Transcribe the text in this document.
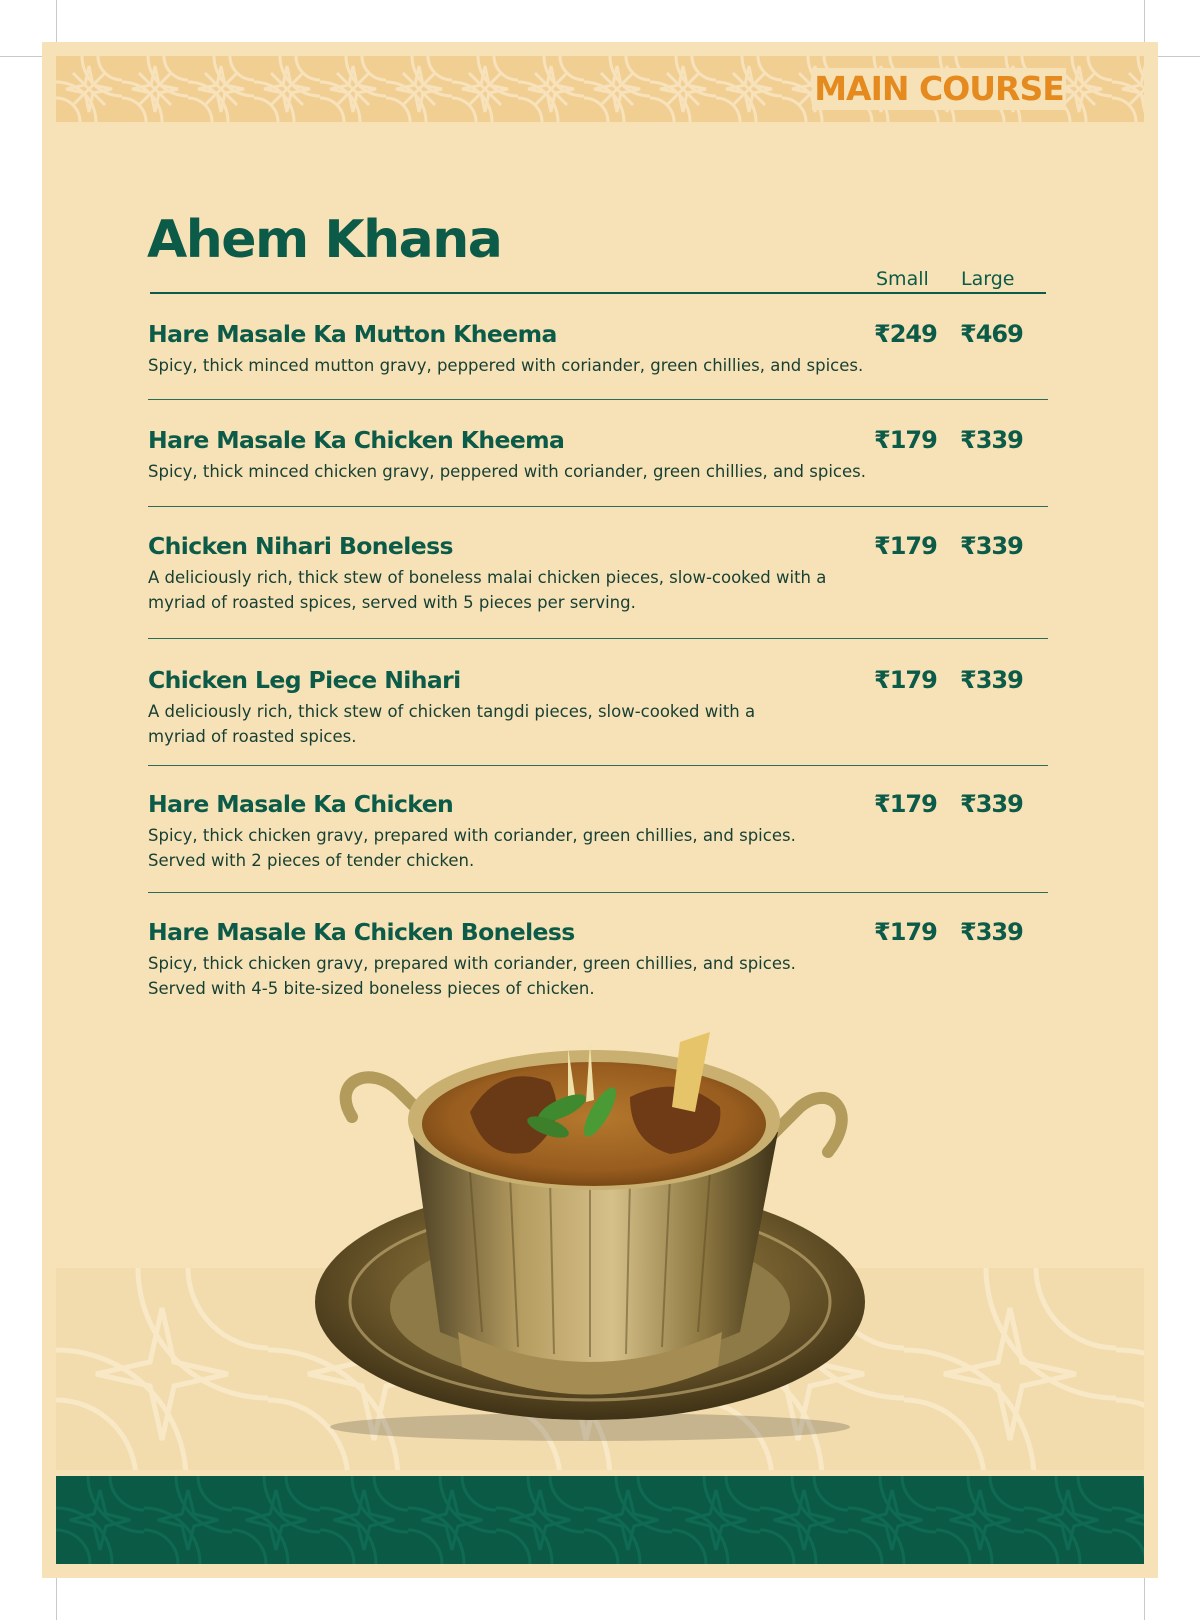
MAIN COURSE
Ahem Khana
Small Large
Hare Masale Ka Mutton Kheema
Spicy, thick minced mutton gravy, peppered with coriander, green chillies, and spices.
₹249 ₹469
Hare Masale Ka Chicken Kheema
Spicy, thick minced chicken gravy, peppered with coriander, green chillies, and spices.
₹179 ₹339
Chicken Nihari Boneless
A deliciously rich, thick stew of boneless malai chicken pieces, slow-cooked with a myriad of roasted spices, served with 5 pieces per serving.
₹179 ₹339
Chicken Leg Piece Nihari
A deliciously rich, thick stew of chicken tangdi pieces, slow-cooked with a myriad of roasted spices.
₹179 ₹339
Hare Masale Ka Chicken
Spicy, thick chicken gravy, prepared with coriander, green chillies, and spices. Served with 2 pieces of tender chicken.
₹179 ₹339
Hare Masale Ka Chicken Boneless
Spicy, thick chicken gravy, prepared with coriander, green chillies, and spices. Served with 4-5 bite-sized boneless pieces of chicken.
₹179 ₹339
